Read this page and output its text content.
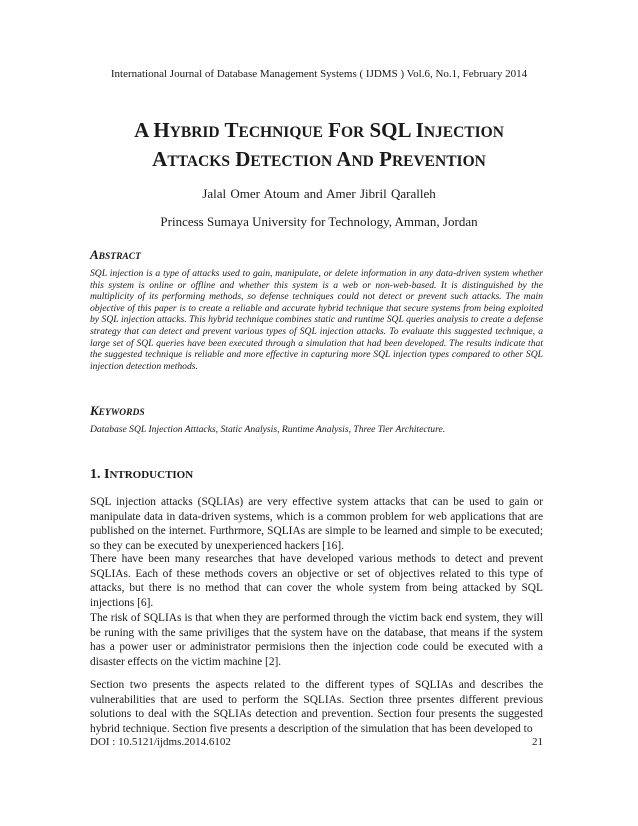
International Journal of Database Management Systems ( IJDMS ) Vol.6, No.1, February 2014
A HYBRID TECHNIQUE FOR SQL INJECTION
ATTACKS DETECTION AND PREVENTION
Jalal Omer Atoum and Amer Jibril Qaralleh
Princess Sumaya University for Technology, Amman, Jordan
ABSTRACT
SQL injection is a type of attacks used to gain, manipulate, or delete information in any data-driven system whether this system is online or offline and whether this system is a web or non-web-based. It is distinguished by the multiplicity of its performing methods, so defense techniques could not detect or prevent such attacks. The main objective of this paper is to create a reliable and accurate hybrid technique that secure systems from being exploited by SQL injection attacks. This hybrid technique combines static and runtime SQL queries analysis to create a defense strategy that can detect and prevent various types of SQL injection attacks. To evaluate this suggested technique, a large set of SQL queries have been executed through a simulation that had been developed. The results indicate that the suggested technique is reliable and more effective in capturing more SQL injection types compared to other SQL injection detection methods.
KEYWORDS
Database SQL Injection Atttacks, Static Analysis, Runtime Analysis, Three Tier Architecture.
1. INTRODUCTION
SQL injection attacks (SQLIAs) are very effective system attacks that can be used to gain or manipulate data in data-driven systems, which is a common problem for web applications that are published on the internet. Furthrmore, SQLIAs are simple to be learned and simple to be executed; so they can be executed by unexperienced hackers [16].
There have been many researches that have developed various methods to detect and prevent SQLIAs. Each of these methods covers an objective or set of objectives related to this type of attacks, but there is no method that can cover the whole system from being attacked by SQL injections [6].
The risk of SQLIAs is that when they are performed through the victim back end system, they will be runing with the same priviliges that the system have on the database, that means if the system has a power user or administrator permisions then the injection code could be executed with a disaster effects on the victim machine [2].
Section two presents the aspects related to the different types of SQLIAs and describes the vulnerabilities that are used to perform the SQLIAs. Section three prsentes different previous solutions to deal with the SQLIAs detection and prevention. Section four presents the suggested hybrid technique. Section five presents a description of the simulation that has been developed to
DOI : 10.5121/ijdms.2014.6102	21
